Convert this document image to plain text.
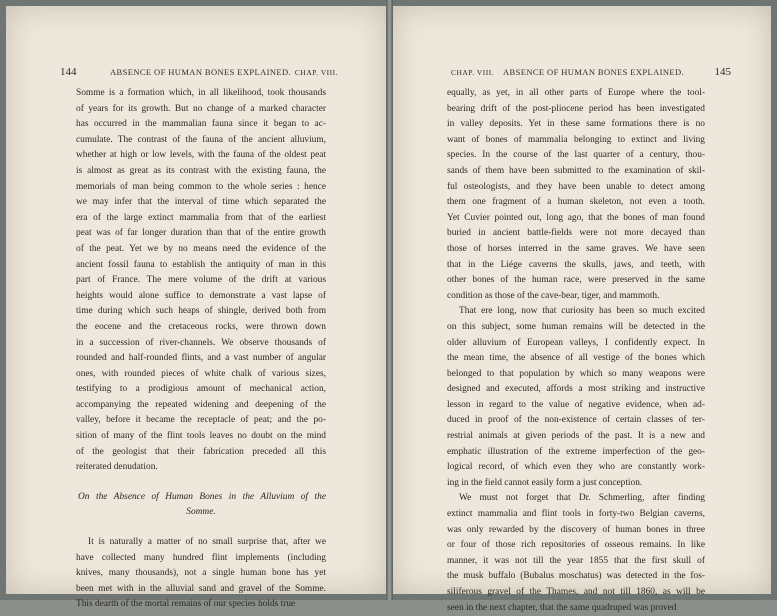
144	ABSENCE OF HUMAN BONES EXPLAINED. CHAP. VIII.
Somme is a formation which, in all likelihood, took thousands
of years for its growth. But no change of a marked character
has occurred in the mammalian fauna since it began to ac-
cumulate. The contrast of the fauna of the ancient alluvium,
whether at high or low levels, with the fauna of the oldest peat
is almost as great as its contrast with the existing fauna, the
memorials of man being common to the whole series : hence
we may infer that the interval of time which separated the
era of the large extinct mammalia from that of the earliest
peat was of far longer duration than that of the entire growth
of the peat. Yet we by no means need the evidence of the
ancient fossil fauna to establish the antiquity of man in this
part of France. The mere volume of the drift at various
heights would alone suffice to demonstrate a vast lapse of
time during which such heaps of shingle, derived both from
the eocene and the cretaceous rocks, were thrown down
in a succession of river-channels. We observe thousands of
rounded and half-rounded flints, and a vast number of angular
ones, with rounded pieces of white chalk of various sizes,
testifying to a prodigious amount of mechanical action,
accompanying the repeated widening and deepening of the
valley, before it became the receptacle of peat; and the po-
sition of many of the flint tools leaves no doubt on the mind
of the geologist that their fabrication preceded all this
reiterated denudation.
On the Absence of Human Bones in the Alluvium of the
Somme.
It is naturally a matter of no small surprise that, after we
have collected many hundred flint implements (including
knives, many thousands), not a single human bone has yet
been met with in the alluvial sand and gravel of the Somme.
This dearth of the mortal remains of our species holds true
CHAP. VIII. ABSENCE OF HUMAN BONES EXPLAINED.	145
equally, as yet, in all other parts of Europe where the tool-
bearing drift of the post-pliocene period has been investigated
in valley deposits. Yet in these same formations there is no
want of bones of mammalia belonging to extinct and living
species. In the course of the last quarter of a century, thou-
sands of them have been submitted to the examination of skil-
ful osteologists, and they have been unable to detect among
them one fragment of a human skeleton, not even a tooth.
Yet Cuvier pointed out, long ago, that the bones of man found
buried in ancient battle-fields were not more decayed than
those of horses interred in the same graves. We have seen
that in the Liége caverns the skulls, jaws, and teeth, with
other bones of the human race, were preserved in the same
condition as those of the cave-bear, tiger, and mammoth.
That ere long, now that curiosity has been so much excited
on this subject, some human remains will be detected in the
older alluvium of European valleys, I confidently expect. In
the mean time, the absence of all vestige of the bones which
belonged to that population by which so many weapons were
designed and executed, affords a most striking and instructive
lesson in regard to the value of negative evidence, when ad-
duced in proof of the non-existence of certain classes of ter-
restrial animals at given periods of the past. It is a new and
emphatic illustration of the extreme imperfection of the geo-
logical record, of which even they who are constantly work-
ing in the field cannot easily form a just conception.
We must not forget that Dr. Schmerling, after finding
extinct mammalia and flint tools in forty-two Belgian caverns,
was only rewarded by the discovery of human bones in three
or four of those rich repositories of osseous remains. In like
manner, it was not till the year 1855 that the first skull of
the musk buffalo (Bubalus moschatus) was detected in the fos-
siliferous gravel of the Thames, and not till 1860, as will be
seen in the next chapter, that the same quadruped was proved
